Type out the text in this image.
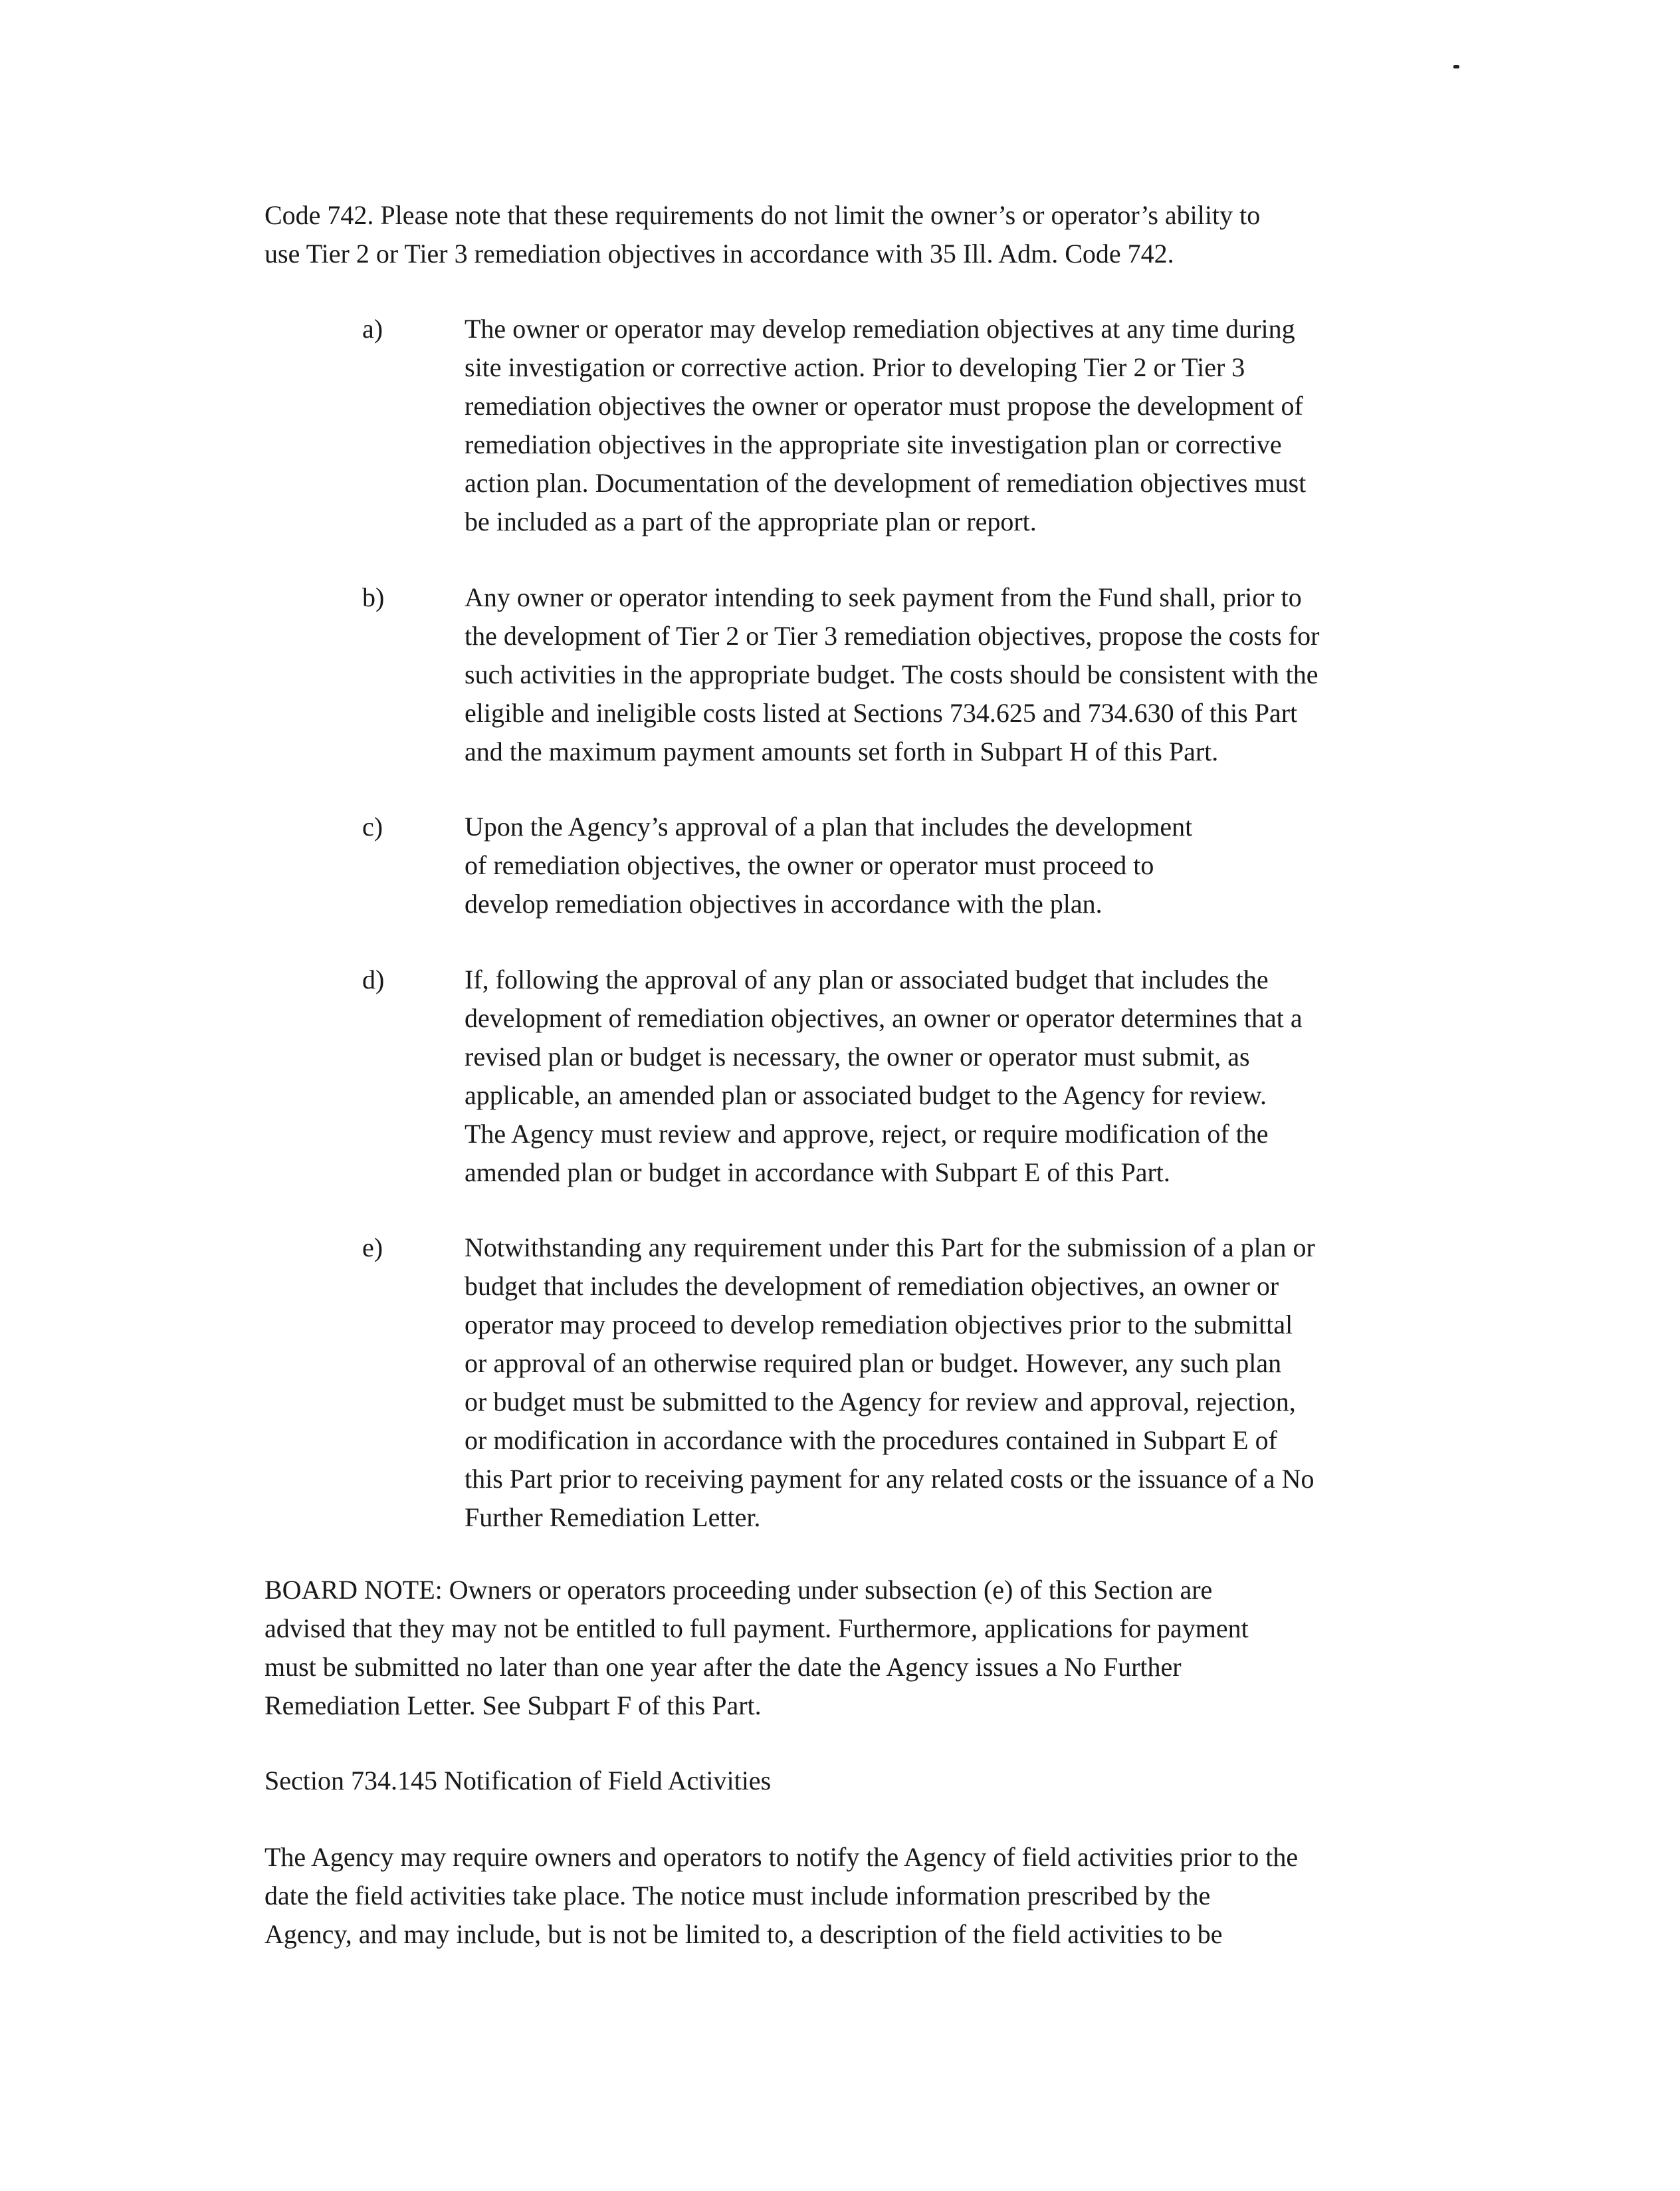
Code 742. Please note that these requirements do not limit the owner’s or operator’s ability to
use Tier 2 or Tier 3 remediation objectives in accordance with 35 Ill. Adm. Code 742.

a)	The owner or operator may develop remediation objectives at any time during
site investigation or corrective action. Prior to developing Tier 2 or Tier 3
remediation objectives the owner or operator must propose the development of
remediation objectives in the appropriate site investigation plan or corrective
action plan. Documentation of the development of remediation objectives must
be included as a part of the appropriate plan or report.

b)	Any owner or operator intending to seek payment from the Fund shall, prior to
the development of Tier 2 or Tier 3 remediation objectives, propose the costs for
such activities in the appropriate budget. The costs should be consistent with the
eligible and ineligible costs listed at Sections 734.625 and 734.630 of this Part
and the maximum payment amounts set forth in Subpart H of this Part.

c)	Upon the Agency’s approval of a plan that includes the development
of remediation objectives, the owner or operator must proceed to
develop remediation objectives in accordance with the plan.

d)	If, following the approval of any plan or associated budget that includes the
development of remediation objectives, an owner or operator determines that a
revised plan or budget is necessary, the owner or operator must submit, as
applicable, an amended plan or associated budget to the Agency for review.
The Agency must review and approve, reject, or require modification of the
amended plan or budget in accordance with Subpart E of this Part.

e)	Notwithstanding any requirement under this Part for the submission of a plan or
budget that includes the development of remediation objectives, an owner or
operator may proceed to develop remediation objectives prior to the submittal
or approval of an otherwise required plan or budget. However, any such plan
or budget must be submitted to the Agency for review and approval, rejection,
or modification in accordance with the procedures contained in Subpart E of
this Part prior to receiving payment for any related costs or the issuance of a No
Further Remediation Letter.

BOARD NOTE: Owners or operators proceeding under subsection (e) of this Section are
advised that they may not be entitled to full payment. Furthermore, applications for payment
must be submitted no later than one year after the date the Agency issues a No Further
Remediation Letter. See Subpart F of this Part.

Section 734.145 Notification of Field Activities

The Agency may require owners and operators to notify the Agency of field activities prior to the
date the field activities take place. The notice must include information prescribed by the
Agency, and may include, but is not be limited to, a description of the field activities to be
